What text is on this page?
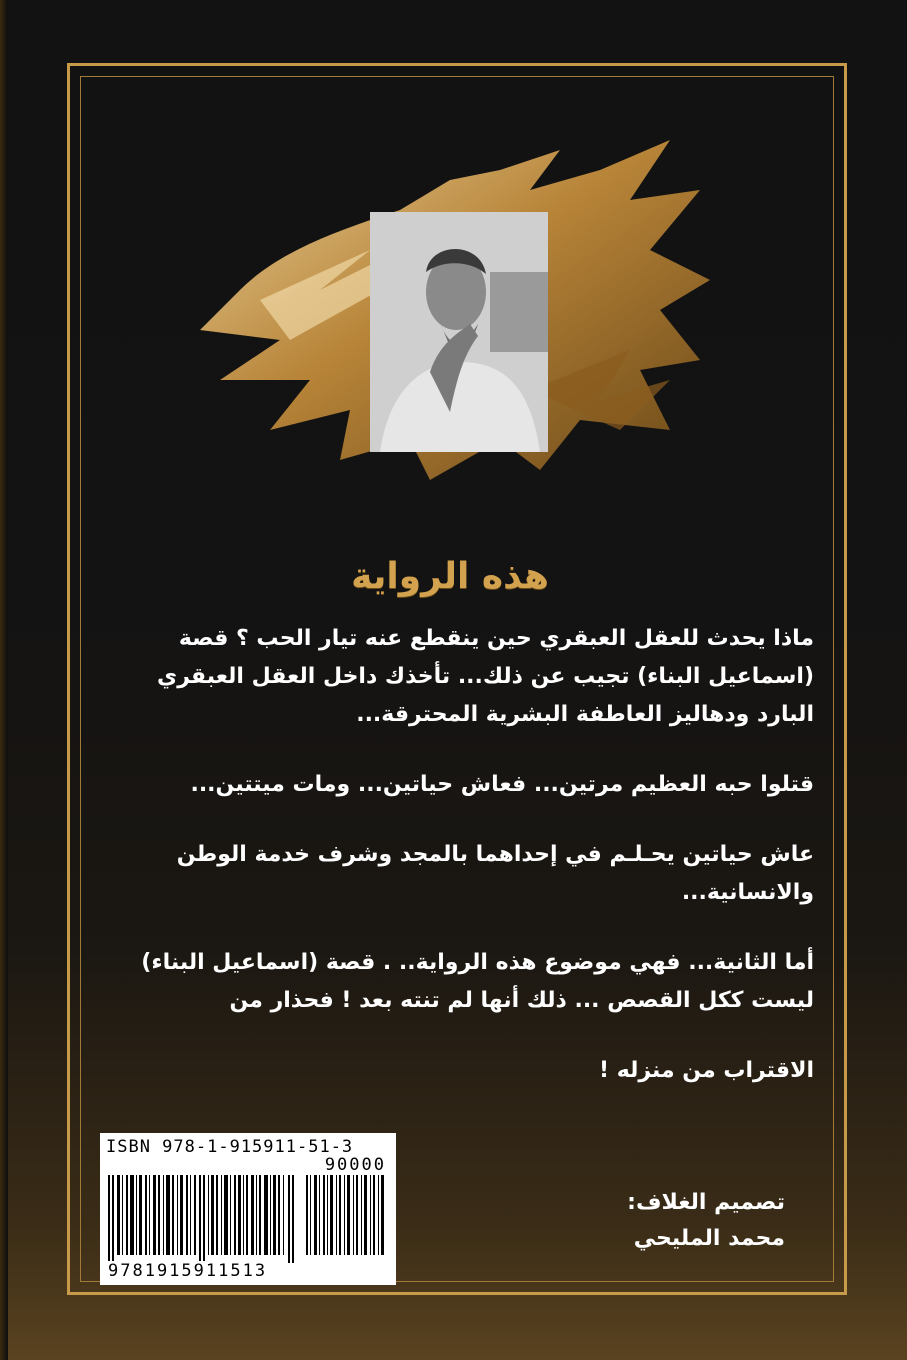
هذه الرواية

ماذا يحدث للعقل العبقري حين ينقطع عنه تيار الحب ؟ قصة (اسماعيل البناء) تجيب عن ذلك... تأخذك داخل العقل العبقري البارد ودهاليز العاطفة البشرية المحترقة...

قتلوا حبه العظيم مرتين... فعاش حياتين... ومات ميتتين...

عاش حياتين يحـلـم في إحداهما بالمجد وشرف خدمة الوطن والانسانية...

أما الثانية... فهي موضوع هذه الرواية.. . قصة (اسماعيل البناء) ليست ككل القصص ... ذلك أنها لم تنته بعد ! فحذار من

الاقتراب من منزله !

ISBN 978-1-915911-51-3
90000
9781915911513
تصميم الغلاف:
محمد المليحي
